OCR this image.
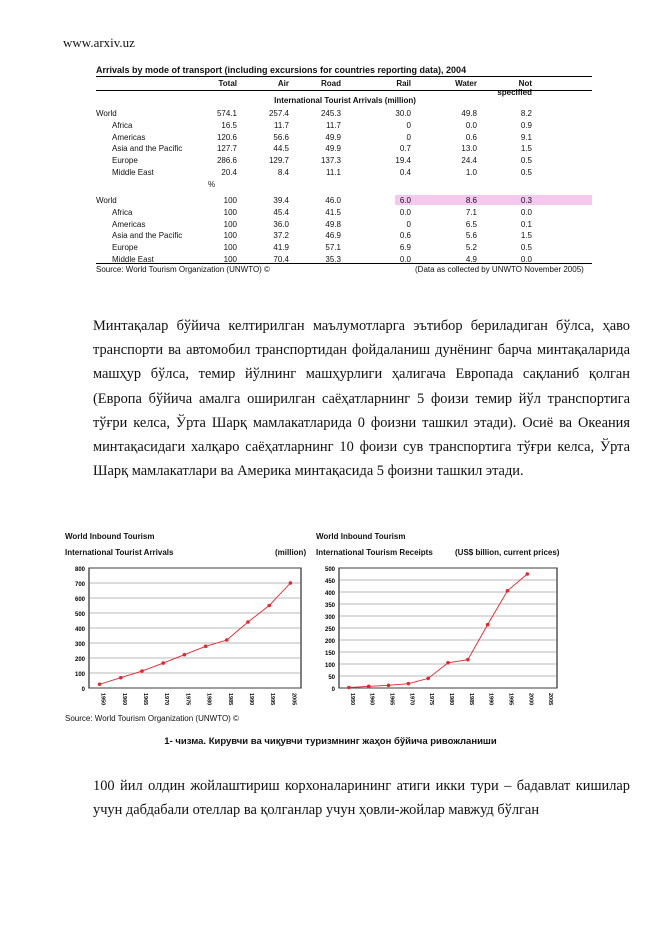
www.arxiv.uz
Arrivals by mode of transport (including excursions for countries reporting data), 2004
Total	Air	Road	Rail	Water	Not specified
International Tourist Arrivals (million)
World	574.1	257.4	245.3	30.0	49.8	8.2
Africa	16.5	11.7	11.7	0	0.0	0.9
Americas	120.6	56.6	49.9	0	0.6	9.1
Asia and the Pacific	127.7	44.5	49.9	0.7	13.0	1.5
Europe	286.6	129.7	137.3	19.4	24.4	0.5
Middle East	20.4	8.4	11.1	0.4	1.0	0.5
%
World	100	39.4	46.0	6.0	8.6	0.3
Africa	100	45.4	41.5	0.0	7.1	0.0
Americas	100	36.0	49.8	0	6.5	0.1
Asia and the Pacific	100	37.2	46.9	0.6	5.6	1.5
Europe	100	41.9	57.1	6.9	5.2	0.5
Middle East	100	70.4	35.3	0.0	4.9	0.0
Source: World Tourism Organization (UNWTO) ©	(Data as collected by UNWTO November 2005)

Минтақалар бўйича келтирилган маълумотларга эътибор бериладиган бўлса, ҳаво транспорти ва автомобил транспортидан фойдаланиш дунёнинг барча минтақаларида машҳур бўлса, темир йўлнинг машҳурлиги ҳалигача Европада сақланиб қолган (Европа бўйича амалга оширилган саёҳатларнинг 5 фоизи темир йўл транспортига тўғри келса, Ўрта Шарқ мамлакатларида 0 фоизни ташкил этади). Осиё ва Океания минтақасидаги халқаро саёҳатларнинг 10 фоизи сув транспортига тўғри келса, Ўрта Шарқ мамлакатлари ва Америка минтақасида 5 фоизни ташкил этади.

World Inbound Tourism
International Tourist Arrivals	(million)
World Inbound Tourism
International Tourism Receipts	(US$ billion, current prices)
0
100
200
300
400
500
600
700
800
1950	1960	1965	1970	1975	1980	1985	1990	1995	2005
0
50
100
150
200
250
300
350
400
450
500
1950	1960	1965	1970	1975	1980	1985	1990	1995	2000	2005
Source: World Tourism Organization (UNWTO) ©
1- чизма. Кирувчи ва чиқувчи туризмнинг жаҳон бўйича ривожланиши

100 йил олдин жойлаштириш корхоналарининг атиги икки тури – бадавлат кишилар учун дабдабали отеллар ва қолганлар учун ҳовли-жойлар мавжуд бўлган
